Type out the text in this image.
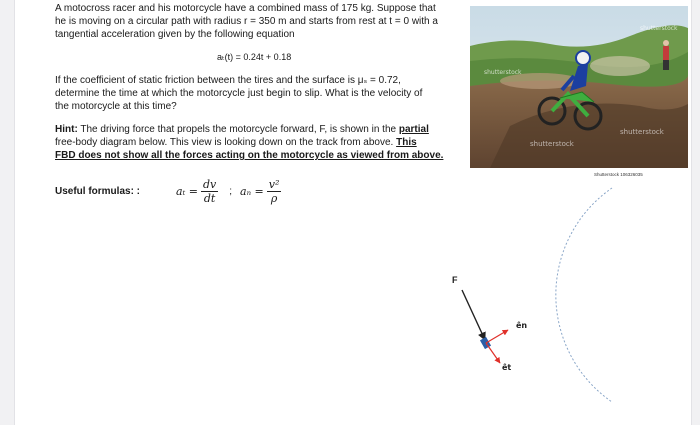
A motocross racer and his motorcycle have a combined mass of 175 kg. Suppose that
he is moving on a circular path with radius r = 350 m and starts from rest at t = 0 with a
tangential acceleration given by the following equation

aₜ(t) = 0.24t + 0.18

If the coefficient of static friction between the tires and the surface is μₛ = 0.72,
determine the time at which the motorcycle just begin to slip. What is the velocity of
the motorcycle at this time?

Hint: The driving force that propels the motorcycle forward, F, is shown in the partial
free-body diagram below. This view is looking down on the track from above. This
FBD does not show all the forces acting on the motorcycle as viewed from above.

Useful formulas: :	$a_t = \frac{dv}{dt}$ ; $a_n = \frac{\text{v²}}{\rho}$
shutterstock
shutterstock
shutterstock
shutterstock
Shutterstock 106326035
F
ên
êt
